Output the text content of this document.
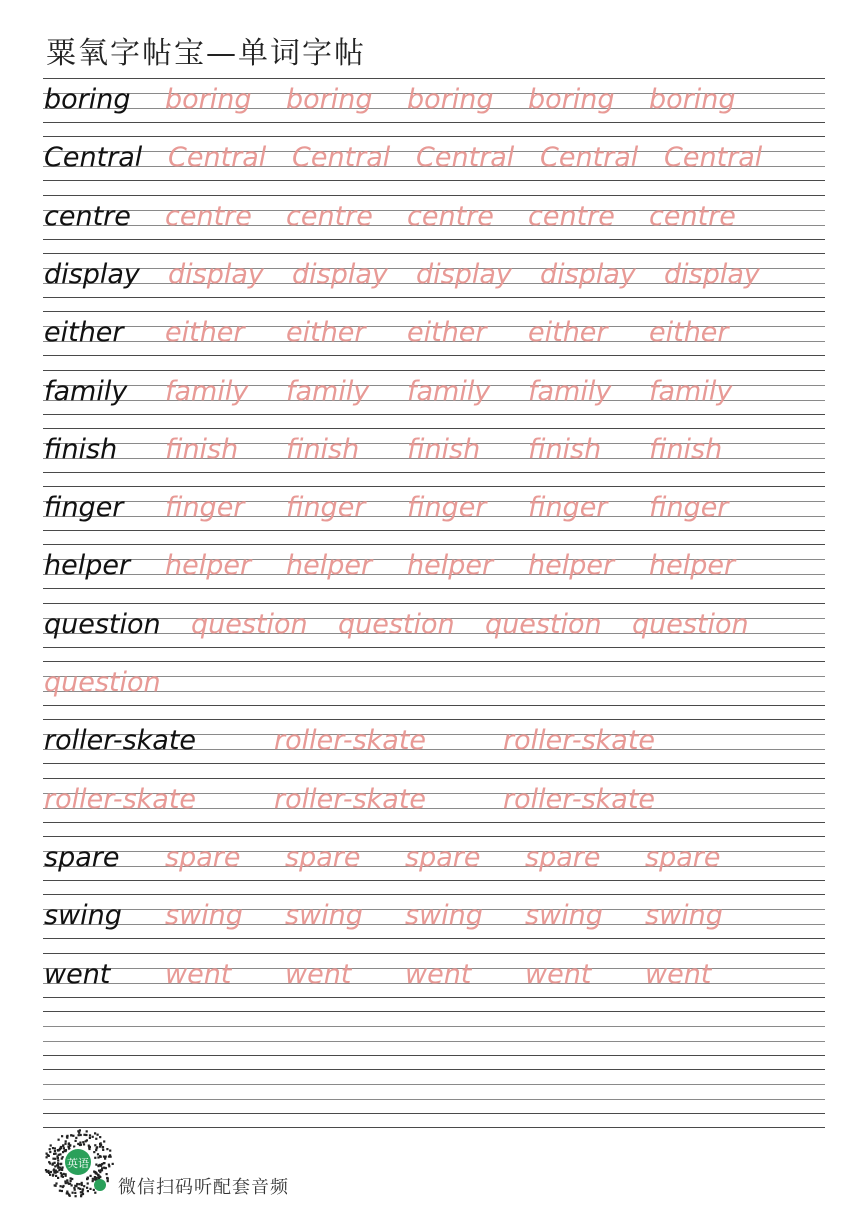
粟氧字帖宝—单词字帖
boring boring boring boring boring boring
Central Central Central Central Central Central
centre centre centre centre centre centre
display display display display display display
either either either either either either
family family family family family family
finish finish finish finish finish finish
finger finger finger finger finger finger
helper helper helper helper helper helper
question question question question question
question
roller-skate	roller-skate	roller-skate
roller-skate	roller-skate	roller-skate
spare spare spare spare spare spare
swing swing swing swing swing swing
went went went went went went
英语
微信扫码听配套音频
